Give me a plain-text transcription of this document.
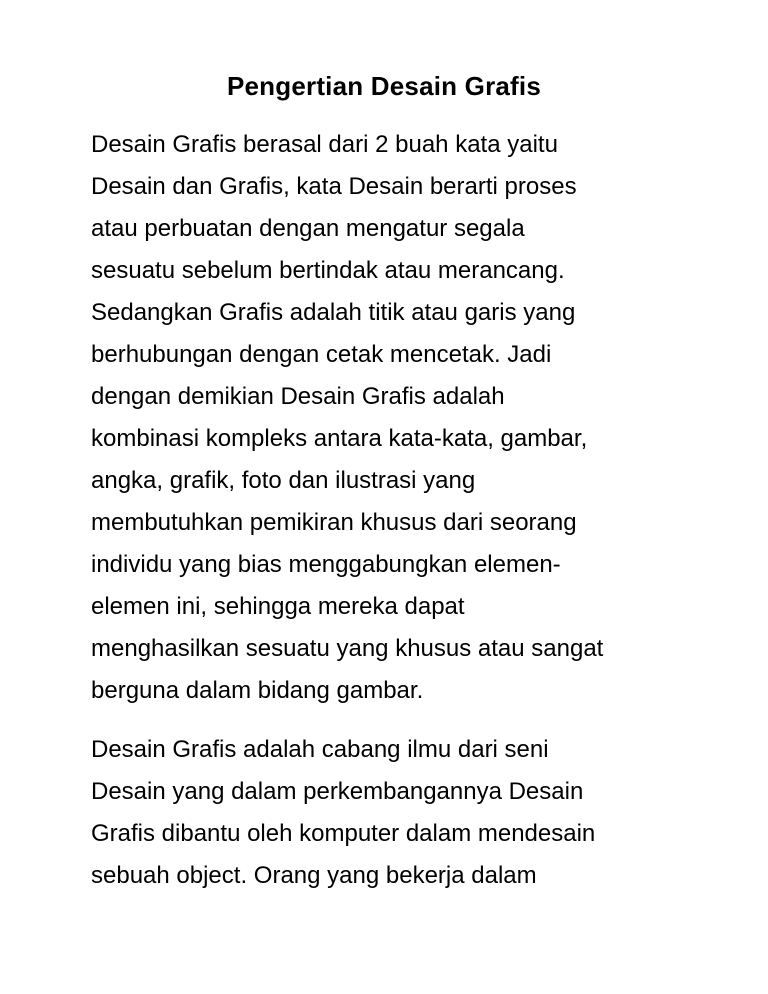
Pengertian Desain Grafis

Desain Grafis berasal dari 2 buah kata yaitu
Desain dan Grafis, kata Desain berarti proses
atau perbuatan dengan mengatur segala
sesuatu sebelum bertindak atau merancang.
Sedangkan Grafis adalah titik atau garis yang
berhubungan dengan cetak mencetak. Jadi
dengan demikian Desain Grafis adalah
kombinasi kompleks antara kata-kata, gambar,
angka, grafik, foto dan ilustrasi yang
membutuhkan pemikiran khusus dari seorang
individu yang bias menggabungkan elemen-
elemen ini, sehingga mereka dapat
menghasilkan sesuatu yang khusus atau sangat
berguna dalam bidang gambar.

Desain Grafis adalah cabang ilmu dari seni
Desain yang dalam perkembangannya Desain
Grafis dibantu oleh komputer dalam mendesain
sebuah object. Orang yang bekerja dalam
